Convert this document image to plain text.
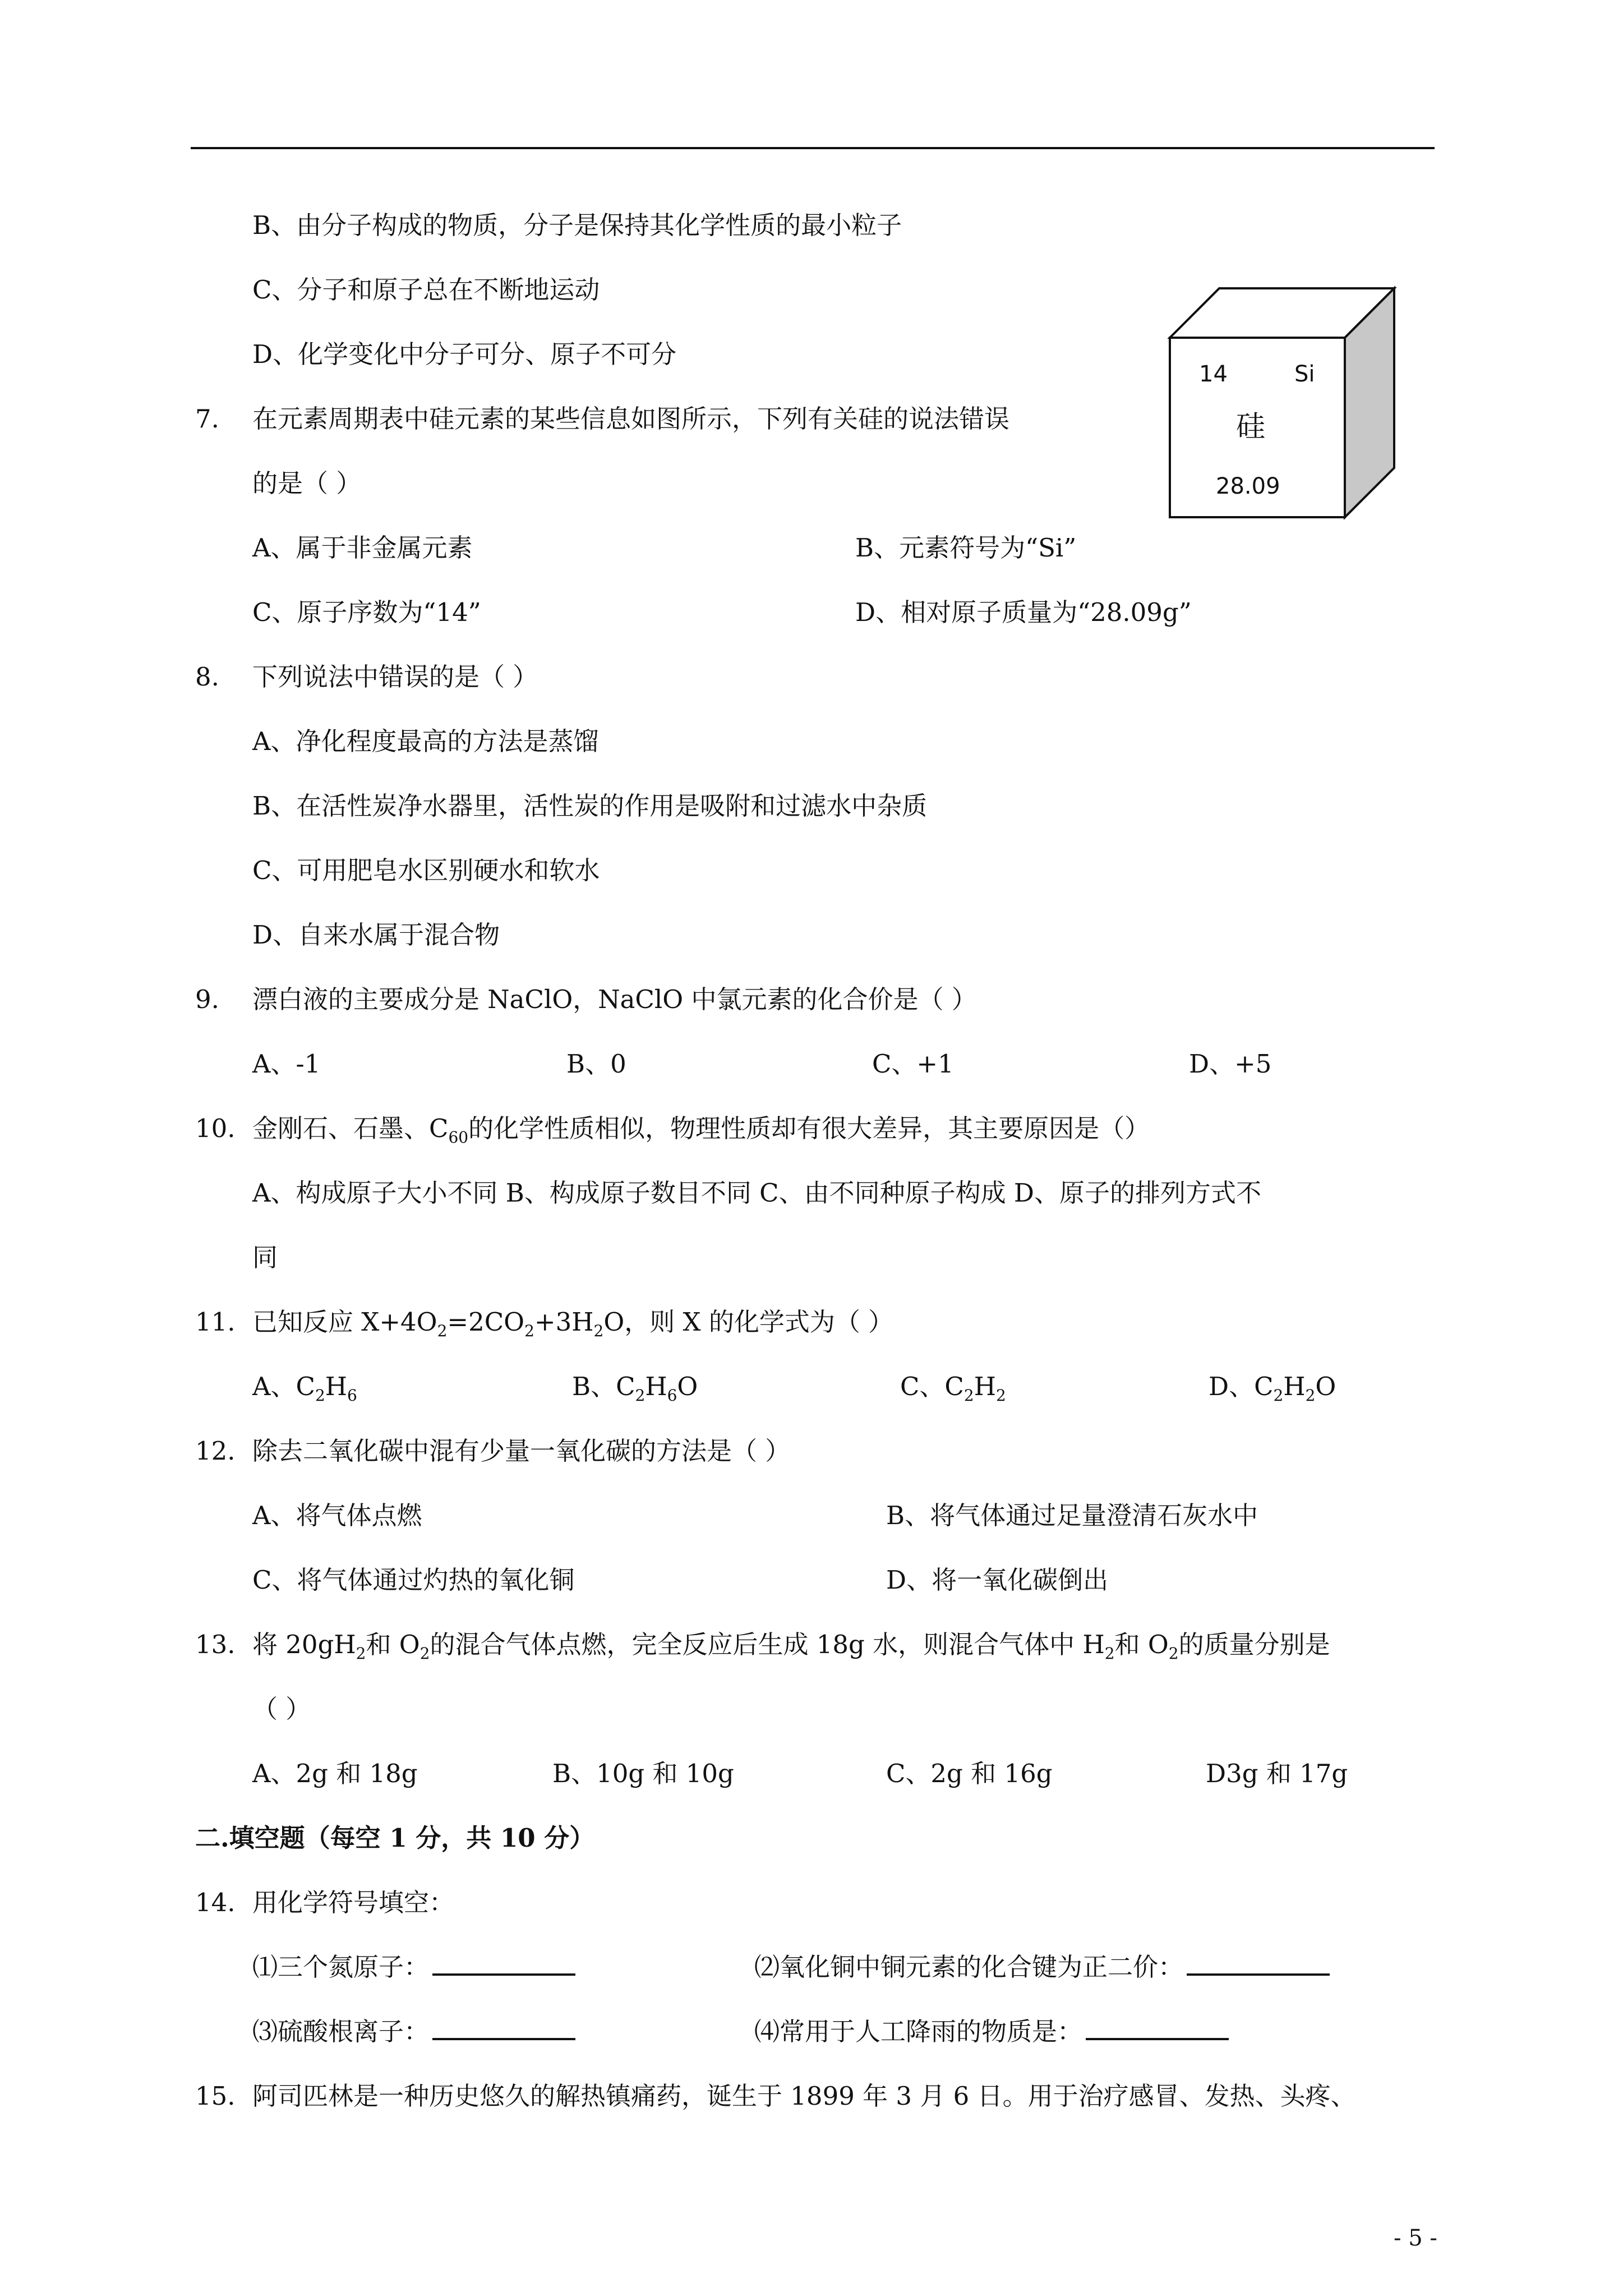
B、由分子构成的物质，分子是保持其化学性质的最小粒子
C、分子和原子总在不断地运动
D、化学变化中分子可分、原子不可分
7. 在元素周期表中硅元素的某些信息如图所示，下列有关硅的说法错误
的是（ ）
A、属于非金属元素	B、元素符号为“Si”
C、原子序数为“14”	D、相对原子质量为“28.09g”
14	Si
硅
28.09
8. 下列说法中错误的是（ ）
A、净化程度最高的方法是蒸馏
B、在活性炭净水器里，活性炭的作用是吸附和过滤水中杂质
C、可用肥皂水区别硬水和软水
D、自来水属于混合物
9. 漂白液的主要成分是 NaClO，NaClO 中氯元素的化合价是（ ）
A、-1	B、0	C、+1	D、+5
10. 金刚石、石墨、$C_{60}$的化学性质相似，物理性质却有很大差异，其主要原因是（）
A、构成原子大小不同 B、构成原子数目不同 C、由不同种原子构成 D、原子的排列方式不
同
11. 已知反应 $X+4O_2=2CO_2+3H_2O$，则 X 的化学式为（ ）
A、$C_2H_6$	B、$C_2H_6O$	C、$C_2H_2$	D、$C_2H_2O$
12. 除去二氧化碳中混有少量一氧化碳的方法是（ ）
A、将气体点燃	B、将气体通过足量澄清石灰水中
C、将气体通过灼热的氧化铜	D、将一氧化碳倒出
13. 将 $20gH_2$和 $O_2$的混合气体点燃，完全反应后生成 18g 水，则混合气体中 $H_2$和 $O_2$的质量分别是
（ ）
A、2g 和 18g	B、10g 和 10g	C、2g 和 16g	D3g 和 17g
二.填空题（每空 1 分，共 10 分）
14. 用化学符号填空：
⑴三个氮原子：	⑵氧化铜中铜元素的化合键为正二价：
⑶硫酸根离子：	⑷常用于人工降雨的物质是：
15. 阿司匹林是一种历史悠久的解热镇痛药，诞生于 1899 年 3 月 6 日。用于治疗感冒、发热、头疼、
- 5 -
